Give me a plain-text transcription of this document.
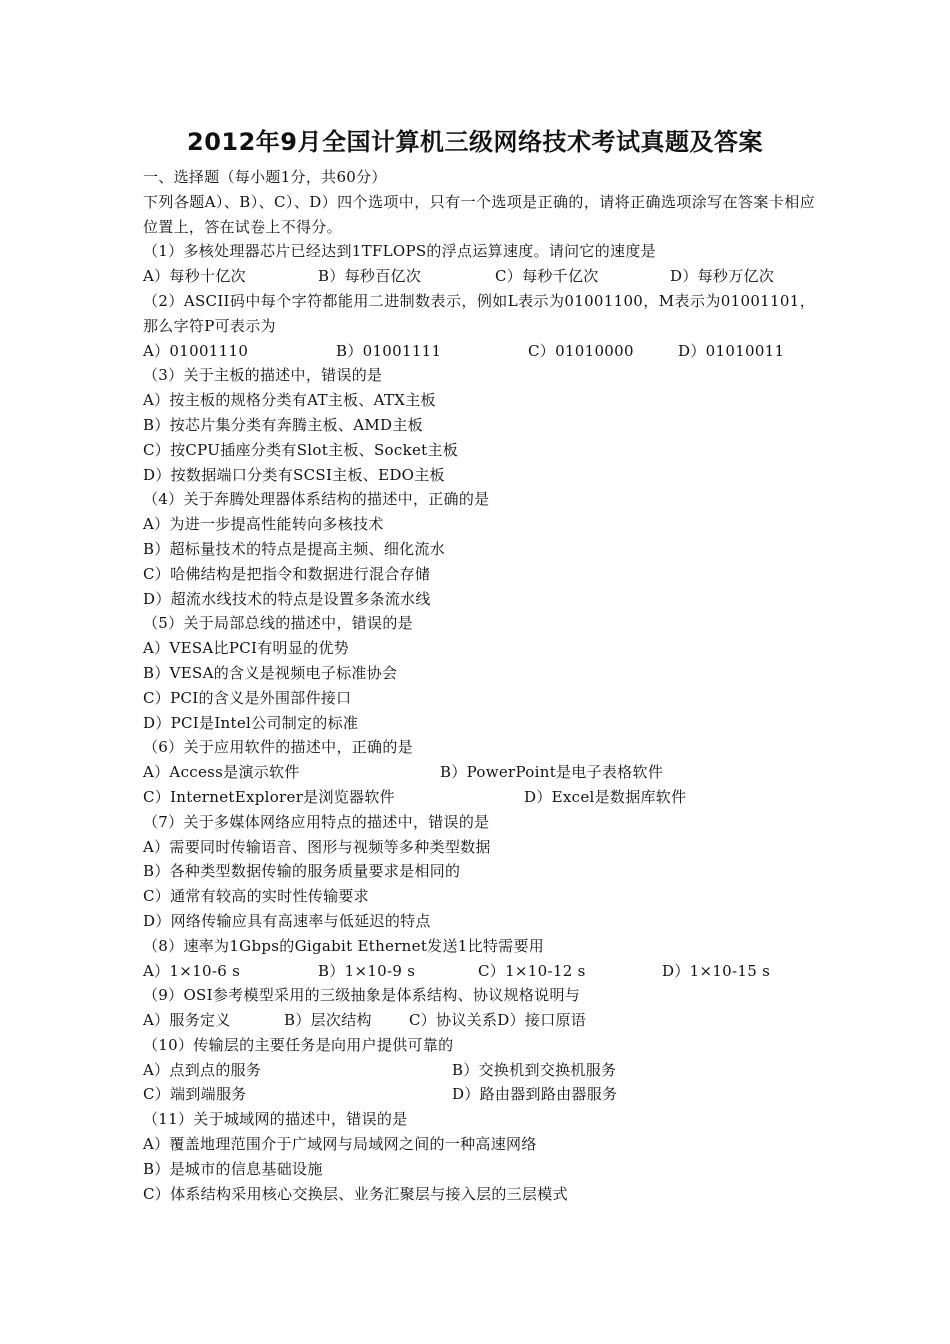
2012年9月全国计算机三级网络技术考试真题及答案
一、选择题（每小题1分，共60分）
下列各题A）、B）、C）、D）四个选项中，只有一个选项是正确的，请将正确选项涂写在答案卡相应位置上，答在试卷上不得分。
（1）多核处理器芯片已经达到1TFLOPS的浮点运算速度。请问它的速度是
A）每秒十亿次	B）每秒百亿次	C）每秒千亿次	D）每秒万亿次
（2）ASCII码中每个字符都能用二进制数表示，例如L表示为01001100，M表示为01001101，那么字符P可表示为
A）01001110	B）01001111	C）01010000	D）01010011
（3）关于主板的描述中，错误的是
A）按主板的规格分类有AT主板、ATX主板
B）按芯片集分类有奔腾主板、AMD主板
C）按CPU插座分类有Slot主板、Socket主板
D）按数据端口分类有SCSI主板、EDO主板
（4）关于奔腾处理器体系结构的描述中，正确的是
A）为进一步提高性能转向多核技术
B）超标量技术的特点是提高主频、细化流水
C）哈佛结构是把指令和数据进行混合存储
D）超流水线技术的特点是设置多条流水线
（5）关于局部总线的描述中，错误的是
A）VESA比PCI有明显的优势
B）VESA的含义是视频电子标准协会
C）PCI的含义是外围部件接口
D）PCI是Intel公司制定的标准
（6）关于应用软件的描述中，正确的是
A）Access是演示软件	B）PowerPoint是电子表格软件
C）InternetExplorer是浏览器软件	D）Excel是数据库软件
（7）关于多媒体网络应用特点的描述中，错误的是
A）需要同时传输语音、图形与视频等多种类型数据
B）各种类型数据传输的服务质量要求是相同的
C）通常有较高的实时性传输要求
D）网络传输应具有高速率与低延迟的特点
（8）速率为1Gbps的Gigabit Ethernet发送1比特需要用
A）1×10-6 s	B）1×10-9 s	C）1×10-12 s	D）1×10-15 s
（9）OSI参考模型采用的三级抽象是体系结构、协议规格说明与
A）服务定义	B）层次结构	C）协议关系 D）接口原语
（10）传输层的主要任务是向用户提供可靠的
A）点到点的服务	B）交换机到交换机服务
C）端到端服务	D）路由器到路由器服务
（11）关于城域网的描述中，错误的是
A）覆盖地理范围介于广域网与局域网之间的一种高速网络
B）是城市的信息基础设施
C）体系结构采用核心交换层、业务汇聚层与接入层的三层模式
